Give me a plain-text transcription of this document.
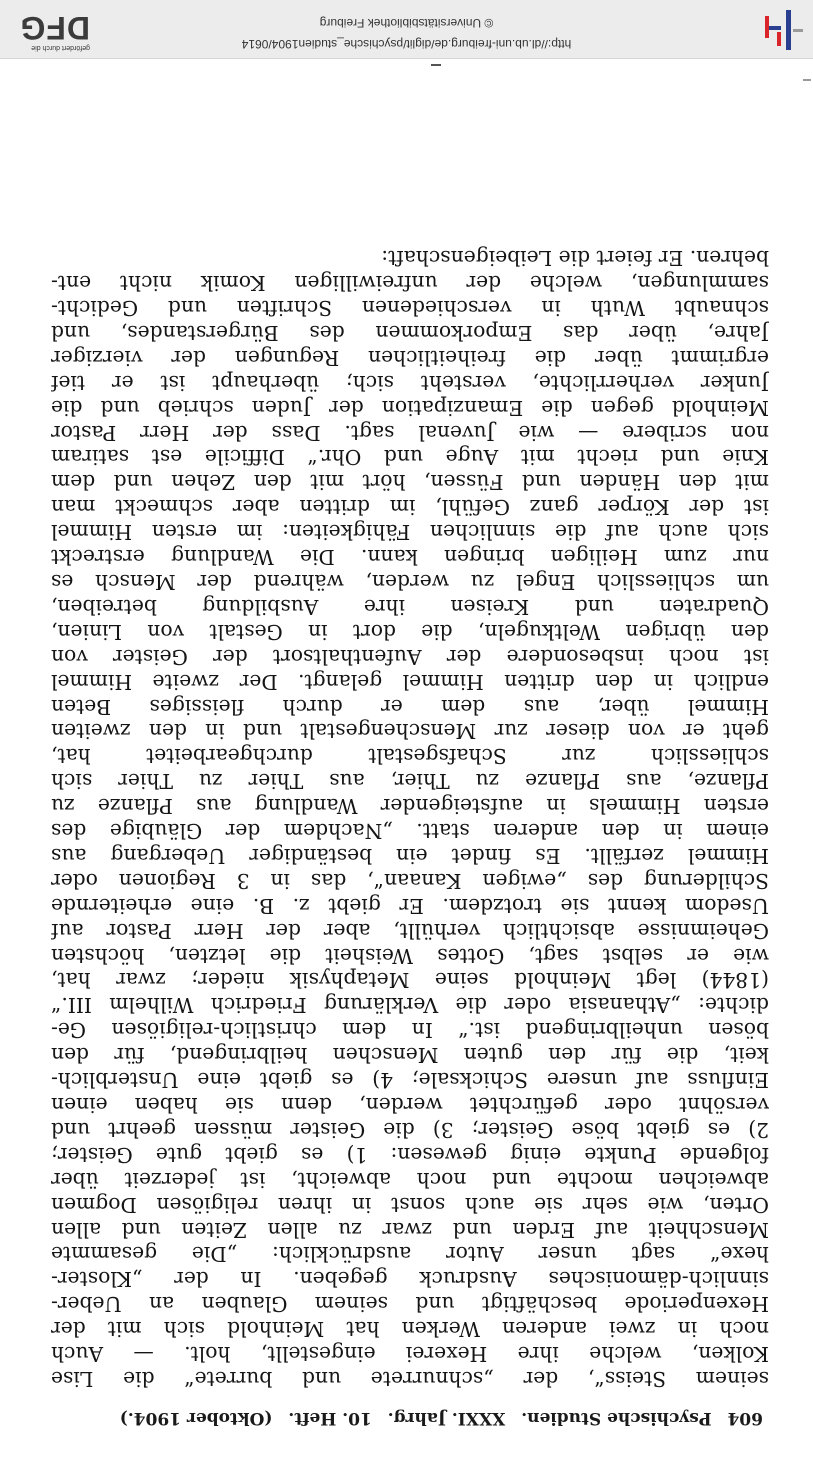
604 Psychische Studien. XXXI. Jahrg. 10. Heft. (Oktober 1904.)
seinem Steiss“, der „schnurrete und burrete“ die Lise
Kolken, welche ihre Hexerei eingestellt, holt. — Auch
noch in zwei anderen Werken hat Meinhold sich mit der
Hexenperiode beschäftigt und seinem Glauben an Ueber-
sinnlich-dämonisches Ausdruck gegeben. In der „Kloster-
hexe“ sagt unser Autor ausdrücklich: „Die gesammte
Menschheit auf Erden und zwar zu allen Zeiten und allen
Orten, wie sehr sie auch sonst in ihren religiösen Dogmen
abweichen mochte und noch abweicht, ist jederzeit über
folgende Punkte einig gewesen: 1) es giebt gute Geister;
2) es giebt böse Geister; 3) die Geister müssen geehrt und
versöhnt oder gefürchtet werden, denn sie haben einen
Einfluss auf unsere Schicksale; 4) es giebt eine Unsterblich-
keit, die für den guten Menschen heilbringend, für den
bösen unheilbringend ist.“ In dem christlich-religiösen Ge-
dichte: „Athanasia oder die Verklärung Friedrich Wilhelm III.“
(1844) legt Meinhold seine Metaphysik nieder; zwar hat,
wie er selbst sagt, Gottes Weisheit die letzten, höchsten
Geheimnisse absichtlich verhüllt, aber der Herr Pastor auf
Usedom kennt sie trotzdem. Er giebt z. B. eine erheiternde
Schilderung des „ewigen Kanaan“, das in 3 Regionen oder
Himmel zerfällt. Es findet ein beständiger Uebergang aus
einem in den anderen statt. „Nachdem der Gläubige des
ersten Himmels in aufsteigender Wandlung aus Pflanze zu
Pflanze, aus Pflanze zu Thier, aus Thier zu Thier sich
schliesslich zur Schafsgestalt durchgearbeitet hat,
geht er von dieser zur Menschengestalt und in den zweiten
Himmel über, aus dem er durch fleissiges Beten
endlich in den dritten Himmel gelangt. Der zweite Himmel
ist noch insbesondere der Aufenthaltsort der Geister von
den übrigen Weltkugeln, die dort in Gestalt von Linien,
Quadraten und Kreisen ihre Ausbildung betreiben,
um schliesslich Engel zu werden, während der Mensch es
nur zum Heiligen bringen kann. Die Wandlung erstreckt
sich auch auf die sinnlichen Fähigkeiten: im ersten Himmel
ist der Körper ganz Gefühl, im dritten aber schmeckt man
mit den Händen und Füssen, hört mit den Zehen und dem
Knie und riecht mit Auge und Ohr.“ Difficile est satiram
non scribere — wie Juvenal sagt. Dass der Herr Pastor
Meinhold gegen die Emanzipation der Juden schrieb und die
Junker verherrlichte, versteht sich; überhaupt ist er tief
ergrimmt über die freiheitlichen Regungen der vierziger
Jahre, über das Emporkommen des Bürgerstandes, und
schnaubt Wuth in verschiedenen Schriften und Gedicht-
sammlungen, welche der unfreiwilligen Komik nicht ent-
behren. Er feiert die Leibeigenschaft:
http://dl.ub.uni-freiburg.de/diglit/psychische_studien1904/0614
© Universitätsbibliothek Freiburg
gefördert durch die
DFG
